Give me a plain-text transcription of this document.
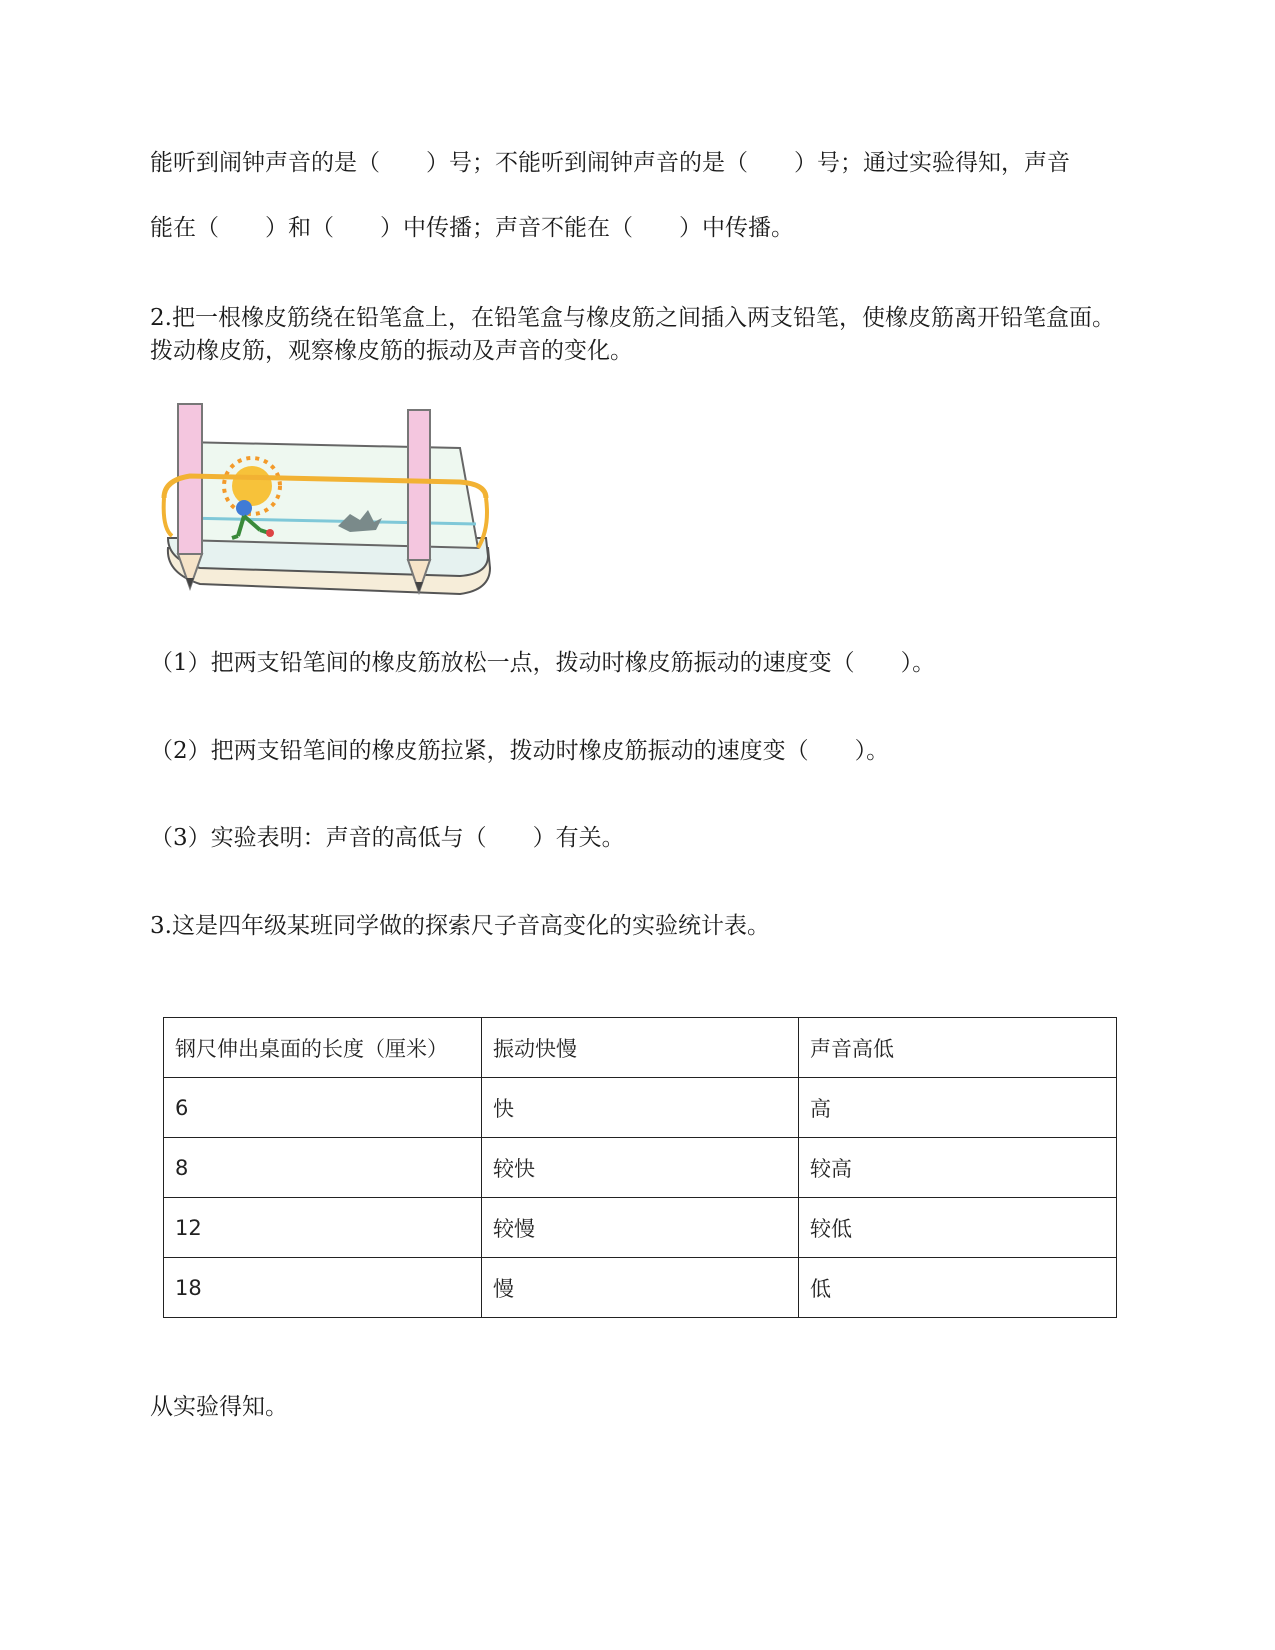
能听到闹钟声音的是（　　）号；不能听到闹钟声音的是（　　）号；通过实验得知，声音
能在（　　）和（　　）中传播；声音不能在（　　）中传播。
2.把一根橡皮筋绕在铅笔盒上，在铅笔盒与橡皮筋之间插入两支铅笔，使橡皮筋离开铅笔盒面。拨动橡皮筋，观察橡皮筋的振动及声音的变化。
（1）把两支铅笔间的橡皮筋放松一点，拨动时橡皮筋振动的速度变（　　）。
（2）把两支铅笔间的橡皮筋拉紧，拨动时橡皮筋振动的速度变（　　）。
（3）实验表明：声音的高低与（　　）有关。
3.这是四年级某班同学做的探索尺子音高变化的实验统计表。
钢尺伸出桌面的长度（厘米）	振动快慢	声音高低
6	快	高
8	较快	较高
12	较慢	较低
18	慢	低
从实验得知。
